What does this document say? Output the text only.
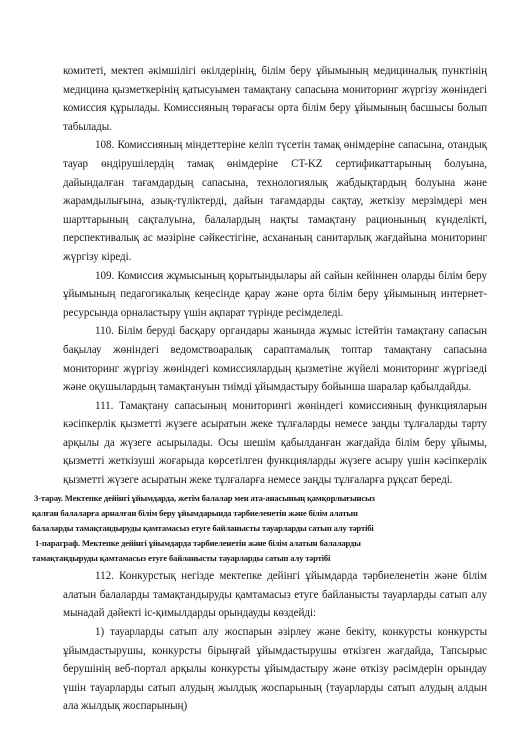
комитеті, мектеп әкімшілігі өкілдерінің, білім беру ұйымының медициналық пунктінің медицина қызметкерінің қатысуымен тамақтану сапасына мониторинг жүргізу жөніндегі комиссия құрылады. Комиссияның төрағасы орта білім беру ұйымының басшысы болып табылады.

108. Комиссияның міндеттеріне келіп түсетін тамақ өнімдеріне сапасына, отандық тауар өндірушілердің тамақ өнімдеріне CT-KZ сертификаттарының болуына, дайындалған тағамдардың сапасына, технологиялық жабдықтардың болуына және жарамдылығына, азық-түліктерді, дайын тағамдарды сақтау, жеткізу мерзімдері мен шарттарының сақталуына, балалардың нақты тамақтану рационының күнделікті, перспективалық ас мәзіріне сәйкестігіне, асхананың санитарлық жағдайына мониторинг жүргізу кіреді.

109. Комиссия жұмысының қорытындылары ай сайын кейіннен оларды білім беру ұйымының педагогикалық кеңесінде қарау және орта білім беру ұйымының интернет-ресурсында орналастыру үшін ақпарат түрінде ресімделеді.

110. Білім беруді басқару органдары жанында жұмыс істейтін тамақтану сапасын бақылау жөніндегі ведомствоаралық сараптамалық топтар тамақтану сапасына мониторинг жүргізу жөніндегі комиссиялардың қызметіне жүйелі мониторинг жүргізеді және оқушылардың тамақтануын тиімді ұйымдастыру бойынша шаралар қабылдайды.

111. Тамақтану сапасының мониторингі жөніндегі комиссияның функцияларын кәсіпкерлік қызметті жүзеге асыратын жеке тұлғаларды немесе заңды тұлғаларды тарту арқылы да жүзеге асырылады. Осы шешім қабылданған жағдайда білім беру ұйымы, қызметті жеткізуші жоғарыда көрсетілген функцияларды жүзеге асыру үшін кәсіпкерлік қызметті жүзеге асыратын жеке тұлғаларға немесе заңды тұлғаларға рұқсат береді.

3-тарау. Мектепке дейінгі ұйымдарда, жетім балалар мен ата-анасының қамқорлығынсыз
қалған балаларға арналған білім беру ұйымдарында тәрбиеленетін және білім алатын
балаларды тамақтандыруды қамтамасыз етуге байланысты тауарларды сатып алу тәртібі
1-параграф. Мектепке дейінгі ұйымдарда тәрбиеленетін және білім алатын балаларды
тамақтандыруды қамтамасыз етуге байланысты тауарларды сатып алу тәртібі

112. Конкурстық негізде мектепке дейінгі ұйымдарда тәрбиеленетін және білім алатын балаларды тамақтандыруды қамтамасыз етуге байланысты тауарларды сатып алу мынадай дәйекті іс-қимылдарды орындауды көздейді:

1) тауарларды сатып алу жоспарын әзірлеу және бекіту, конкурсты конкурсты ұйымдастырушы, конкурсты бірыңғай ұйымдастырушы өткізген жағдайда, Тапсырыс берушінің веб-портал арқылы конкурсты ұйымдастыру және өткізу рәсімдерін орындау үшін тауарларды сатып алудың жылдық жоспарының (тауарларды сатып алудың алдын ала жылдық жоспарының)
